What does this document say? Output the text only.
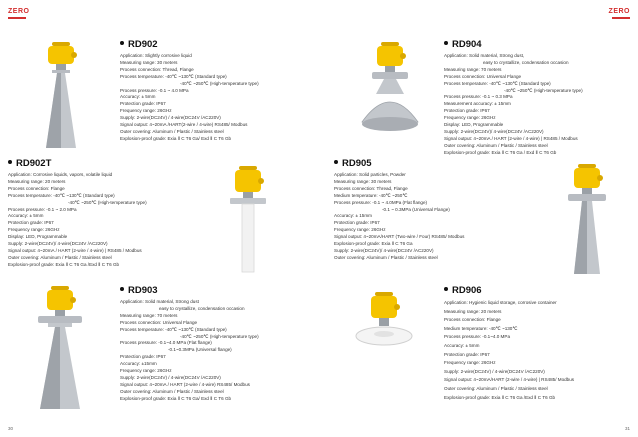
ZERO
30
ZERO
31
RD902
Application: Slightly corrosive liquid
Measuring range: 30 meters
Process connection: Thread, Flange
Process temperature: -40℃ ~130℃ (Standard type)
-40℃ ~250℃ (High-temperature type)
Process pressure: -0.1 ~ 4.0 MPa
Accuracy: ± 5mm
Protection grade: IP67
Frequency range: 26GHz
Supply: 2-wire(DC24V) / 4-wire(DC24V /AC220V)
Signal output: 4~20mA /HART(2-wire / 4-wire) RS485/ Modbus
Outer covering: Aluminum / Plastic / Stainless steel
Explosion-proof grade: Exia Ⅱ C T6 Ga/ Exd Ⅱ C T6 Gb
RD902T
Application: Corrosive liquids, vapors, volatile liquid
Measuring range: 20 meters
Process connection: Flange
Process temperature: -40℃ ~130℃ (Standard type)
-40℃ ~250℃ (High-temperature type)
Process pressure: -0.1 ~ 2.0 MPa
Accuracy: ± 5mm
Protection grade: IP67
Frequency range: 26GHz
Display: LED, Programmable
Supply: 2-wire(DC24V)/ 4-wire(DC24V /AC220V)
Signal output: 4~20mA / HART (2-wire / 4-wire) | RS485 / Modbus
Outer covering: Aluminum / Plastic / Stainless steel
Explosion-proof grade: Exia Ⅱ C T6 Ga /Exd Ⅱ C T6 Gb
RD903
Application: Solid material, Strong dust
easy to crystallize, condensation occasion
Measuring range: 70 meters
Process connection: Universal Flange
Process temperature: -40℃ ~130℃ (Standard type)
-40℃ ~250℃ (High-temperature type)
Process pressure: -0.1~4.0 MPa (Flat flange)
-0.1~0.3MPa (Universal flange)
Protection grade: IP67
Accuracy: ±15mm
Frequency range: 26GHz
Supply: 2-wire(DC24V) / 4-wire(DC24V /AC220V)
Signal output: 4~20mA / HART (2-wire / 4-wire) RS485/ Modbus
Outer covering: Aluminum / Plastic / Stainless steel
Explosion-proof grade: Exia Ⅱ C T6 Ga/ Exd Ⅱ C T6 Gb
RD904
Application: Solid material, Strong dust,
easy to crystallize, condensation occasion
Measuring range: 70 meters
Process connection: Universal Flange
Process temperature: -40℃ ~130℃ (Standard type)
-40℃ ~250℃ (High-temperature type)
Process pressure: -0.1 ~ 0.3 MPa
Measurement accuracy: ± 15mm
Protection grade: IP67
Frequency range: 26GHz
Display: LED, Programmable
Supply: 2-wire(DC24V)/ 4-wire(DC24V /AC220V)
Signal output: 4~20mA / HART (2-wire / 4-wire) | RS485 / Modbus
Outer covering: Aluminum / Plastic / Stainless steel
Explosion-proof grade: Exia Ⅱ C T6 Ga / Exd Ⅱ C T6 Gb
RD905
Application: Solid particles, Powder
Measuring range: 30 meters
Process connection: Thread, Flange
Medium temperature: -40℃ ~250℃
Process pressure: -0.1 ~ 4.0MPa (Flat flange)
-0.1 ~ 0.3MPa (Universal Flange)
Accuracy: ± 15mm
Protection grade: IP67
Frequency range: 26GHz
Signal output: 4~20mA/HART (Two-wire / Four) RS485/ Modbus
Explosion-proof grade: Exia Ⅱ C T6 Ga
Supply: 2-wire(DC24V)/ 4-wire(DC24V /AC220V)
Outer covering: Aluminum / Plastic / Stainless steel
RD906
Application: Hygienic liquid storage, corrosive container
Measuring range: 20 meters
Process connection: Flange
Medium temperature: -40℃ ~130℃
Process pressure: -0.1~4.0 MPa
Accuracy: ± 5mm
Protection grade: IP67
Frequency range: 26GHz
Supply: 2-wire(DC24V) / 4-wire(DC24V /AC220V)
Signal output: 4~20mA/HART (2-wire / 4-wire) | RS485/ Modbus
Outer covering: Aluminum / Plastic / Stainless steel
Explosion-proof grade: Exia Ⅱ C T6 Ga /Exd Ⅱ C T6 Gb
